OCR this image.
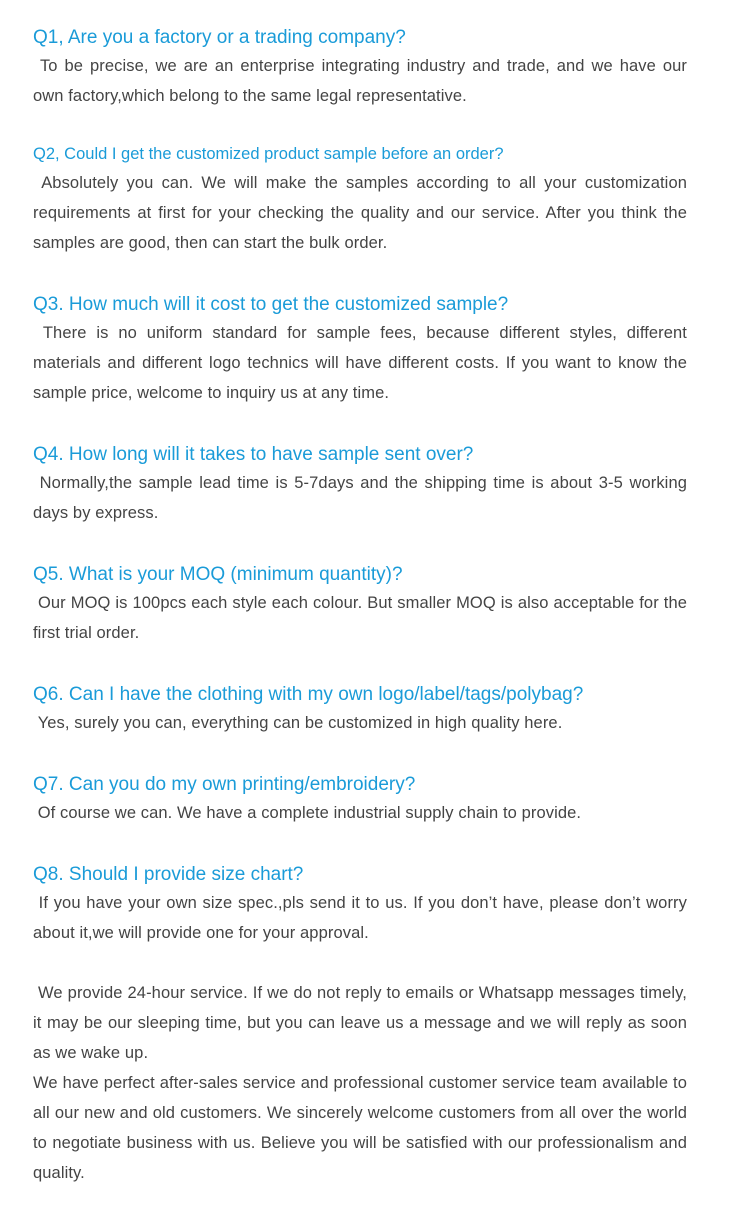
Q1, Are you a factory or a trading company?

To be precise, we are an enterprise integrating industry and trade, and we have our own factory,which belong to the same legal representative.

Q2, Could I get the customized product sample before an order?

Absolutely you can. We will make the samples according to all your customization requirements at first for your checking the quality and our service. After you think the samples are good, then can start the bulk order.

Q3. How much will it cost to get the customized sample?

There is no uniform standard for sample fees, because different styles, different materials and different logo technics will have different costs. If you want to know the sample price, welcome to inquiry us at any time.

Q4. How long will it takes to have sample sent over?

Normally,the sample lead time is 5-7days and the shipping time is about 3-5 working days by express.

Q5. What is your MOQ (minimum quantity)?

Our MOQ is 100pcs each style each colour. But smaller MOQ is also acceptable for the first trial order.

Q6. Can I have the clothing with my own logo/label/tags/polybag?

Yes, surely you can, everything can be customized in high quality here.

Q7. Can you do my own printing/embroidery?

Of course we can. We have a complete industrial supply chain to provide.

Q8. Should I provide size chart?

If you have your own size spec.,pls send it to us. If you don’t have, please don’t worry about it,we will provide one for your approval.

We provide 24-hour service. If we do not reply to emails or Whatsapp messages timely, it may be our sleeping time, but you can leave us a message and we will reply as soon as we wake up.

We have perfect after-sales service and professional customer service team available to all our new and old customers. We sincerely welcome customers from all over the world to negotiate business with us. Believe you will be satisfied with our professionalism and quality.
